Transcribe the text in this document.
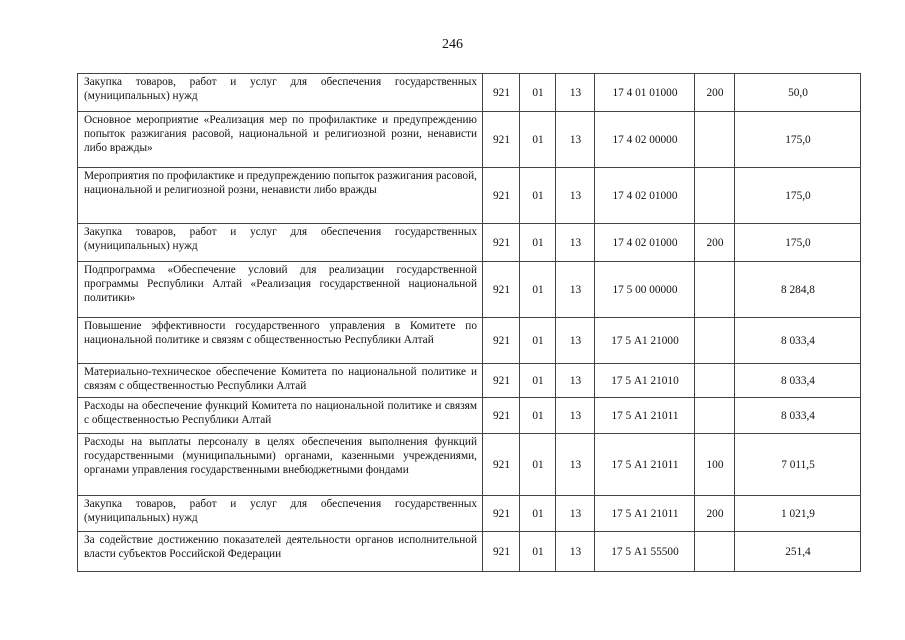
246
Закупка товаров, работ и услуг для обеспечения государственных (муниципальных) нужд	921	01	13	17 4 01 01000	200	50,0
Основное мероприятие «Реализация мер по профилактике и предупреждению попыток разжигания расовой, национальной и религиозной розни, ненависти либо вражды»	921	01	13	17 4 02 00000		175,0
Мероприятия по профилактике и предупреждению попыток разжигания расовой, национальной и религиозной розни, ненависти либо вражды	921	01	13	17 4 02 01000		175,0
Закупка товаров, работ и услуг для обеспечения государственных (муниципальных) нужд	921	01	13	17 4 02 01000	200	175,0
Подпрограмма «Обеспечение условий для реализации государственной программы Республики Алтай «Реализация государственной национальной политики»	921	01	13	17 5 00 00000		8 284,8
Повышение эффективности государственного управления в Комитете по национальной политике и связям с общественностью Республики Алтай	921	01	13	17 5 А1 21000		8 033,4
Материально-техническое обеспечение Комитета по национальной политике и связям с общественностью Республики Алтай	921	01	13	17 5 А1 21010		8 033,4
Расходы на обеспечение функций Комитета по национальной политике и связям с общественностью Республики Алтай	921	01	13	17 5 А1 21011		8 033,4
Расходы на выплаты персоналу в целях обеспечения выполнения функций государственными (муниципальными) органами, казенными учреждениями, органами управления государственными внебюджетными фондами	921	01	13	17 5 А1 21011	100	7 011,5
Закупка товаров, работ и услуг для обеспечения государственных (муниципальных) нужд	921	01	13	17 5 А1 21011	200	1 021,9
За содействие достижению показателей деятельности органов исполнительной власти субъектов Российской Федерации	921	01	13	17 5 А1 55500		251,4
